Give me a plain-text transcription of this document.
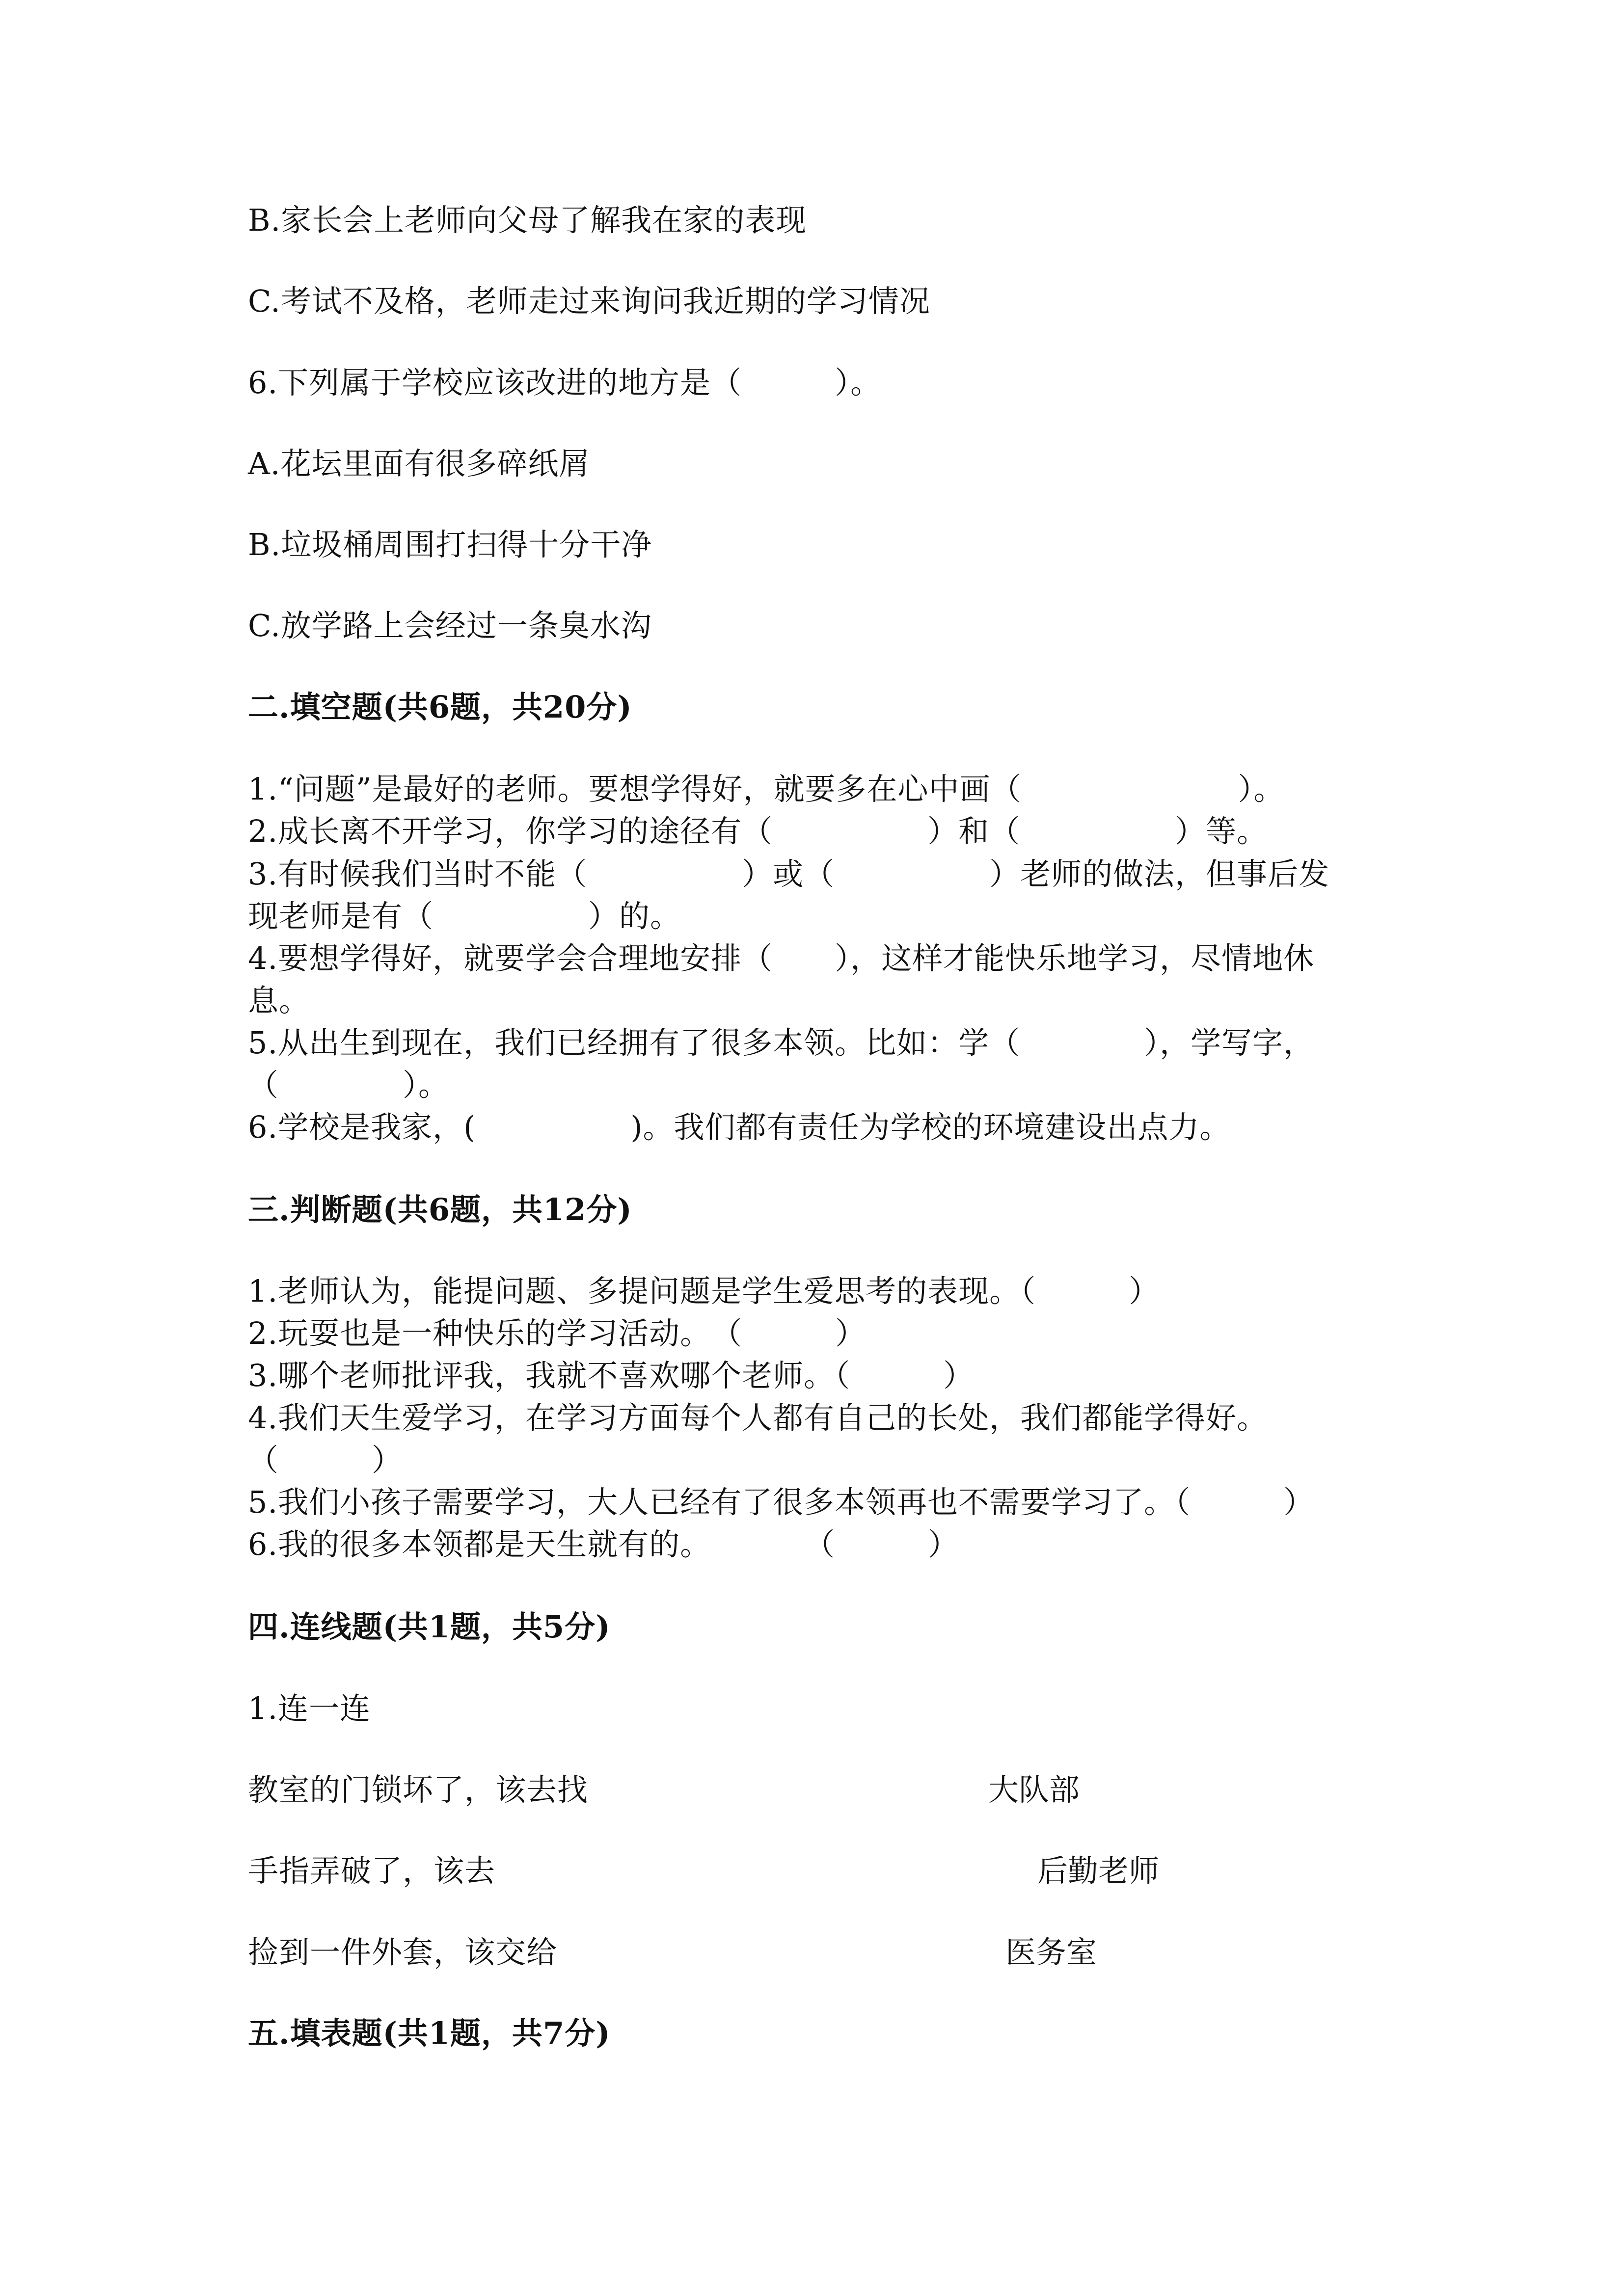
B.家长会上老师向父母了解我在家的表现
C.考试不及格，老师走过来询问我近期的学习情况
6.下列属于学校应该改进的地方是（　　　）。
A.花坛里面有很多碎纸屑
B.垃圾桶周围打扫得十分干净
C.放学路上会经过一条臭水沟
二.填空题(共6题，共20分)
1.“问题”是最好的老师。要想学得好，就要多在心中画（　　　　　　　）。
2.成长离不开学习，你学习的途径有（　　　　　）和（　　　　　）等。
3.有时候我们当时不能（　　　　　）或（　　　　　）老师的做法，但事后发
现老师是有（　　　　　）的。
4.要想学得好，就要学会合理地安排（　　），这样才能快乐地学习，尽情地休
息。
5.从出生到现在，我们已经拥有了很多本领。比如：学（　　　　），学写字，
（　　　　）。
6.学校是我家，(　　　　　)。我们都有责任为学校的环境建设出点力。
三.判断题(共6题，共12分)
1.老师认为，能提问题、多提问题是学生爱思考的表现。（　　　）
2.玩耍也是一种快乐的学习活动。　（　　　）
3.哪个老师批评我，我就不喜欢哪个老师。（　　　）
4.我们天生爱学习，在学习方面每个人都有自己的长处，我们都能学得好。
（　　　）
5.我们小孩子需要学习，大人已经有了很多本领再也不需要学习了。（　　　）
6.我的很多本领都是天生就有的。　　　　（　　　）
四.连线题(共1题，共5分)
1.连一连
教室的门锁坏了，该去找	大队部
手指弄破了，该去	后勤老师
捡到一件外套，该交给	医务室
五.填表题(共1题，共7分)
